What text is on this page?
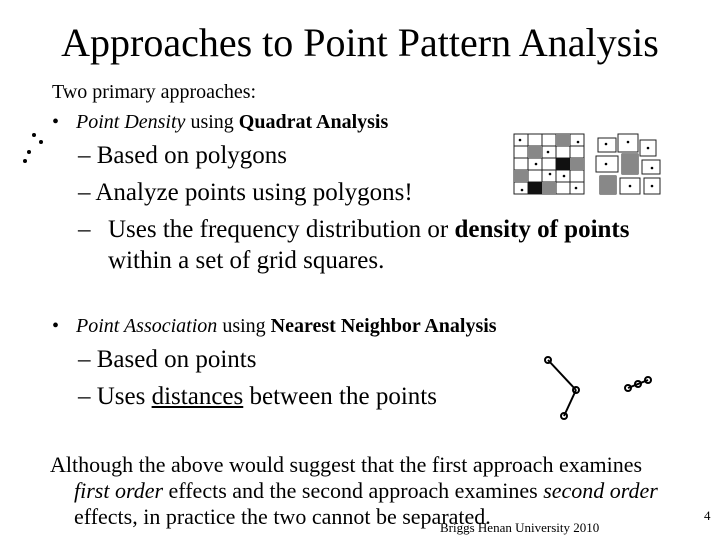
Approaches to Point Pattern Analysis
Two primary approaches:
• Point Density using Quadrat Analysis
– Based on polygons
– Analyze points using polygons!
– Uses the frequency distribution or density of points
within a set of grid squares.
• Point Association using Nearest Neighbor Analysis
– Based on points
– Uses distances between the points
Although the above would suggest that the first approach examines
first order effects and the second approach examines second order
effects, in practice the two cannot be separated.
Briggs Henan University 2010
4
